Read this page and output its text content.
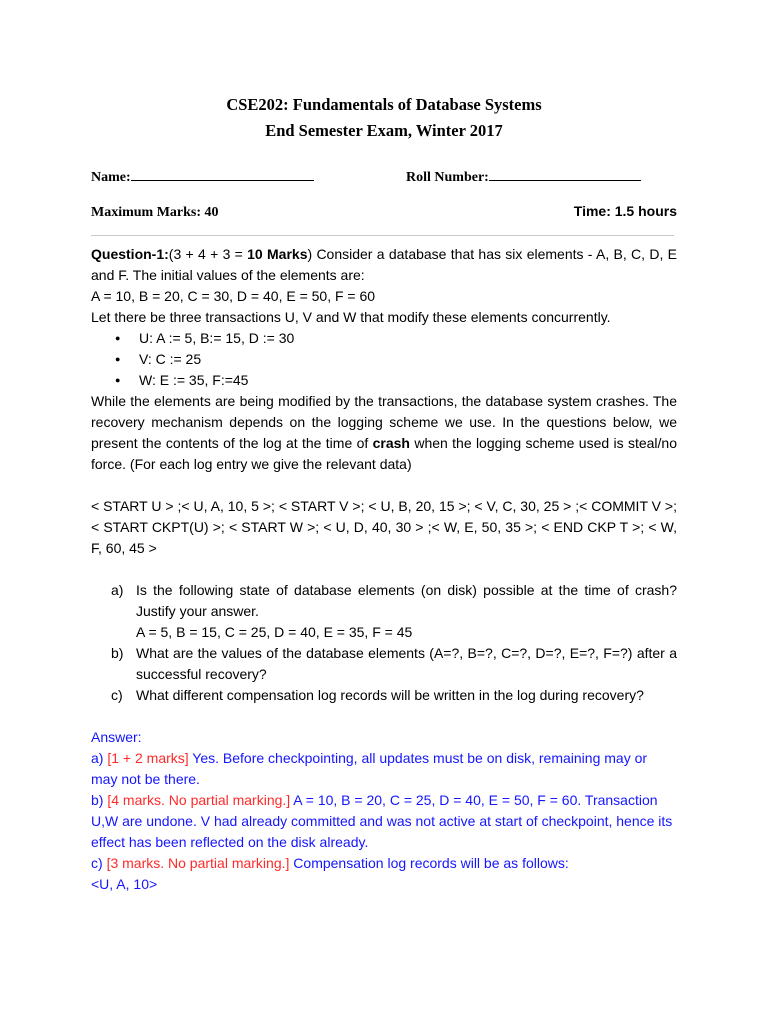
CSE202: Fundamentals of Database Systems
End Semester Exam, Winter 2017
Name:	Roll Number:
Maximum Marks: 40	Time: 1.5 hours

Question-1:(3 + 4 + 3 = 10 Marks) Consider a database that has six elements - A, B, C, D, E and F. The initial values of the elements are:

A = 10, B = 20, C = 30, D = 40, E = 50, F = 60

Let there be three transactions U, V and W that modify these elements concurrently.

● U: A := 5, B:= 15, D := 30
● V: C := 25
● W: E := 35, F:=45

While the elements are being modified by the transactions, the database system crashes. The recovery mechanism depends on the logging scheme we use. In the questions below, we present the contents of the log at the time of crash when the logging scheme used is steal/no force. (For each log entry we give the relevant data)

< START U > ;< U, A, 10, 5 >; < START V >; < U, B, 20, 15 >; < V, C, 30, 25 > ;< COMMIT V >; < START CKPT(U) >; < START W >; < U, D, 40, 30 > ;< W, E, 50, 35 >; < END CKP T >; < W, F, 60, 45 >

a) Is the following state of database elements (on disk) possible at the time of crash? Justify your answer.
A = 5, B = 15, C = 25, D = 40, E = 35, F = 45
b) What are the values of the database elements (A=?, B=?, C=?, D=?, E=?, F=?) after a successful recovery?
c) What different compensation log records will be written in the log during recovery?

Answer:

a) [1 + 2 marks] Yes. Before checkpointing, all updates must be on disk, remaining may or may not be there.

b) [4 marks. No partial marking.] A = 10, B = 20, C = 25, D = 40, E = 50, F = 60. Transaction U,W are undone. V had already committed and was not active at start of checkpoint, hence its effect has been reflected on the disk already.

c) [3 marks. No partial marking.] Compensation log records will be as follows:

<U, A, 10>
